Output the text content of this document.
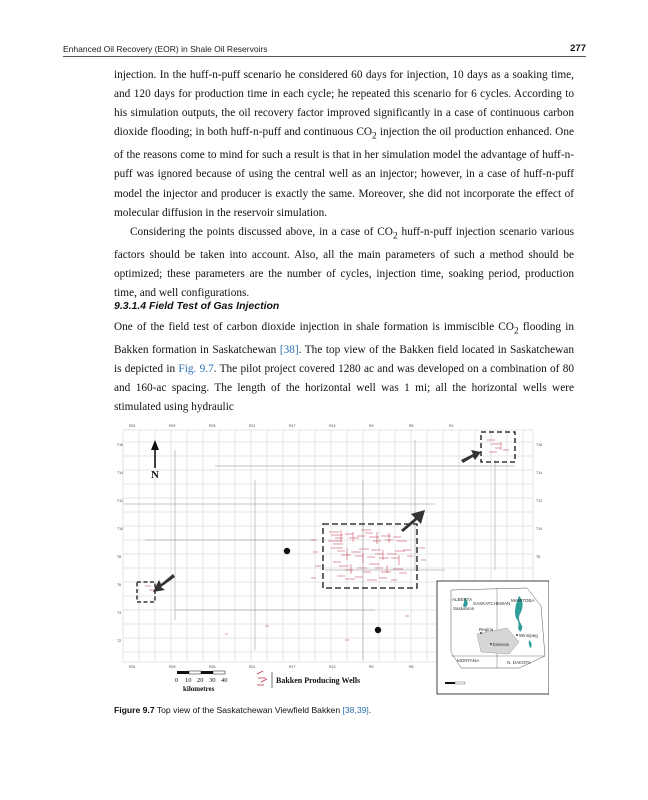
Enhanced Oil Recovery (EOR) in Shale Oil Reservoirs	277

injection. In the huff-n-puff scenario he considered 60 days for injection, 10 days as a soaking time, and 120 days for production time in each cycle; he repeated this scenario for 6 cycles. According to his simulation outputs, the oil recovery factor improved significantly in a case of continuous carbon dioxide flooding; in both huff-n-puff and continuous $CO_2$ injection the oil production enhanced. One of the reasons come to mind for such a result is that in her simulation model the advantage of huff-n-puff was ignored because of using the central well as an injector; however, in a case of huff-n-puff model the injector and producer is exactly the same. Moreover, she did not incorporate the effect of molecular diffusion in the reservoir simulation.

Considering the points discussed above, in a case of $CO_2$ huff-n-puff injection scenario various factors should be taken into account. Also, all the main parameters of such a method should be optimized; these parameters are the number of cycles, injection time, soaking period, production time, and well configurations.

9.3.1.4 Field Test of Gas Injection

One of the field test of carbon dioxide injection in shale formation is immiscible $CO_2$ flooding in Bakken formation in Saskatchewan [38]. The top view of the Bakken field located in Saskatchewan is depicted in Fig. 9.7. The pilot project covered 1280 ac and was developed on a combination of 80 and 160-ac spacing. The length of the horizontal well was 1 mi; all the horizontal wells were stimulated using hydraulic

R32	R29	R25	R21	R17	R13	R9	R5	R1
R32	R29	R25	R21	R17	R13	R9	R5
T16
T14
T12
T10
T8
T6
T4
T2
T16
T14
T12
T10
T8
N
0 10 20 30 40
kilometres
Bakken Producing Wells
ALBERTA
SASKATCHEWAN
MANITOBA
Saskatoon
Regina
Winnipeg
Estevan
MONTANA	N. DAKOTA
Figure 9.7 Top view of the Saskatchewan Viewfield Bakken [38,39].
